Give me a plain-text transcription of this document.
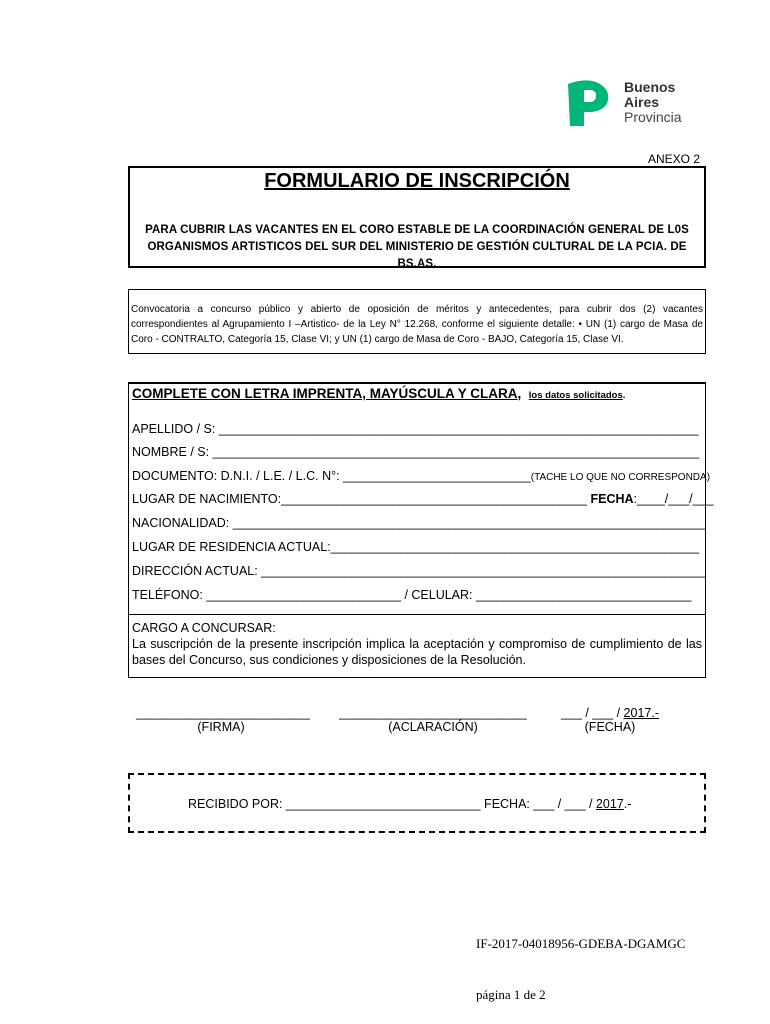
Buenos
Aires
Provincia
ANEXO 2
FORMULARIO DE INSCRIPCIÓN
PARA CUBRIR LAS VACANTES EN EL CORO ESTABLE DE LA COORDINACIÓN GENERAL DE L0S ORGANISMOS ARTISTICOS DEL SUR DEL MINISTERIO DE GESTIÓN CULTURAL DE LA PCIA. DE BS.AS.
Convocatoria a concurso público y abierto de oposición de méritos y antecedentes, para cubrir dos (2) vacantes correspondientes al Agrupamiento I –Artistico- de la Ley N° 12.268, conforme el siguiente detalle: • UN (1) cargo de Masa de Coro - CONTRALTO, Categoría 15, Clase VI; y UN (1) cargo de Masa de Coro - BAJO, Categoría 15, Clase VI.
COMPLETE CON LETRA IMPRENTA, MAYÚSCULA Y CLARA, los datos solicitados.
APELLIDO / S: _____________________________________________________________________
NOMBRE / S: ______________________________________________________________________
DOCUMENTO: D.N.I. / L.E. / L.C. N°: ___________________________(TACHE LO QUE NO CORRESPONDA)
LUGAR DE NACIMIENTO:____________________________________________ FECHA:____/___/___
NACIONALIDAD: ____________________________________________________________________
LUGAR DE RESIDENCIA ACTUAL:_____________________________________________________
DIRECCIÓN ACTUAL: ________________________________________________________________
TELÉFONO: ____________________________ / CELULAR: _______________________________
CARGO A CONCURSAR:
La suscripción de la presente inscripción implica la aceptación y compromiso de cumplimiento de las bases del Concurso, sus condiciones y disposiciones de la Resolución.
_________________________
(FIRMA)
___________________________
(ACLARACIÓN)
___ / ___ / 2017.-
(FECHA)
RECIBIDO POR: ____________________________ FECHA: ___ / ___ / 2017.-
IF-2017-04018956-GDEBA-DGAMGC
página 1 de 2
